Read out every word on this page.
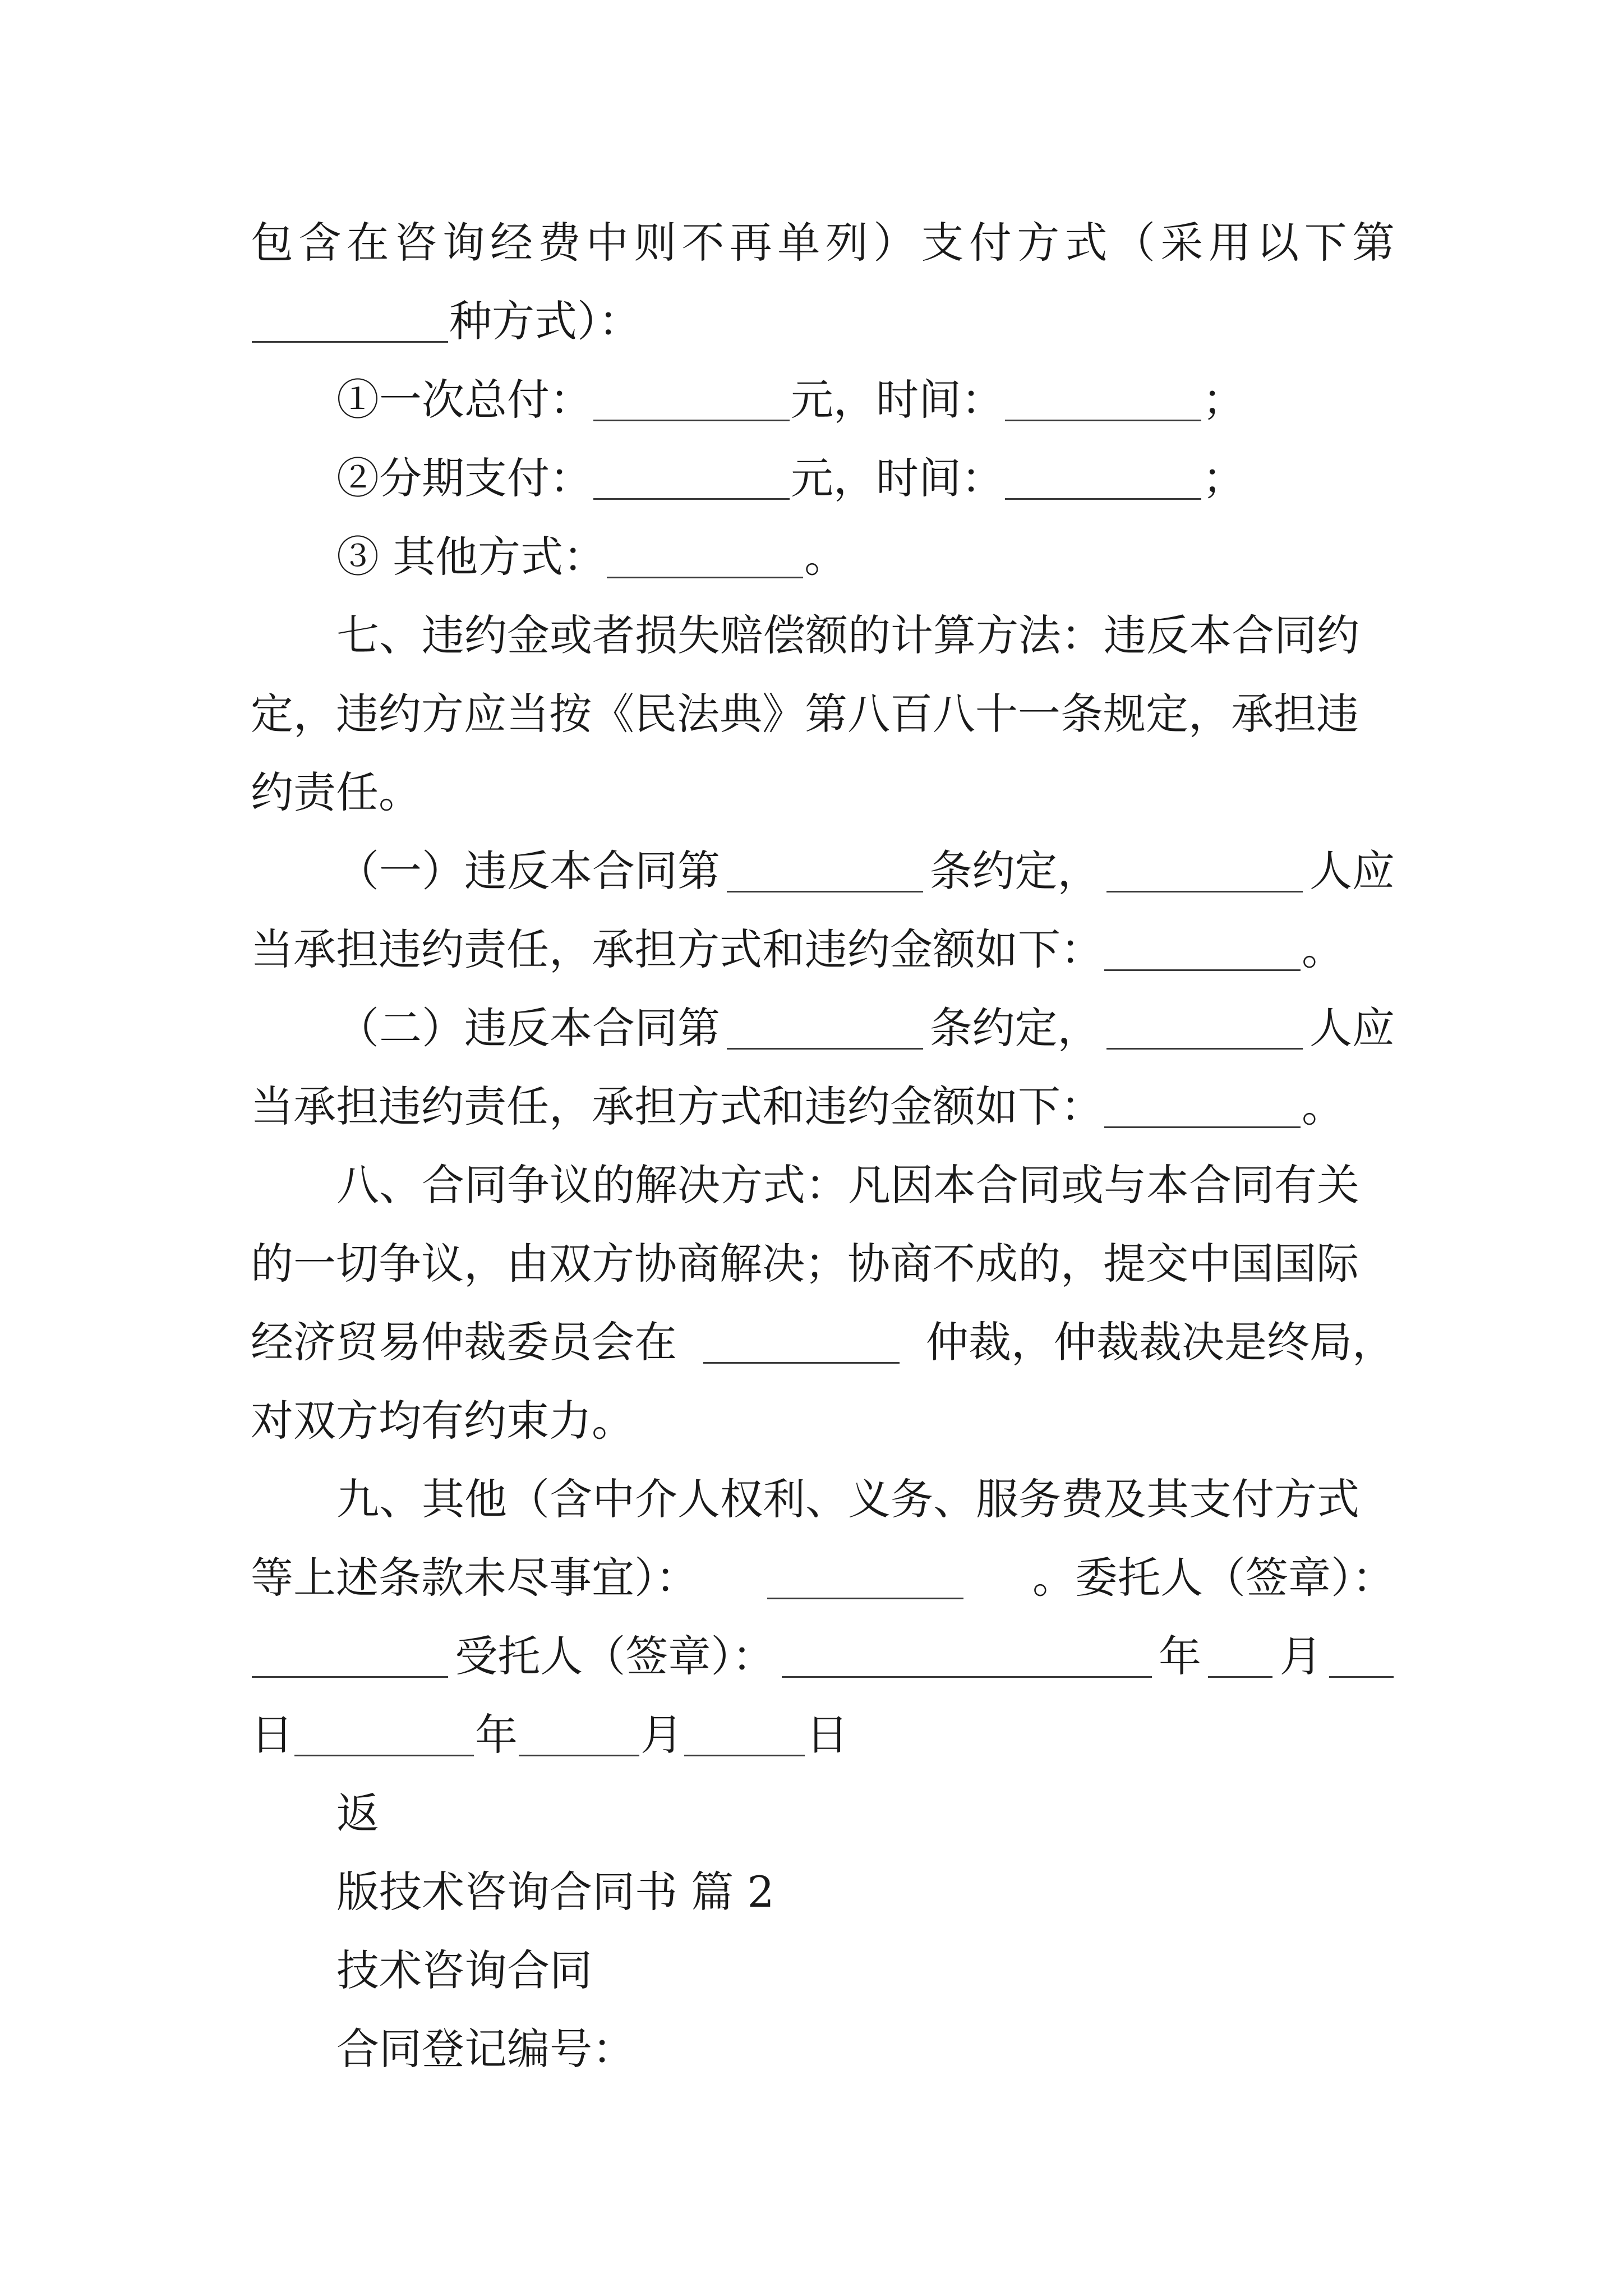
包 含 在 咨 询 经 费 中 则 不 再 单 列 ） 支 付 方 式 （ 采 用 以 下 第
种方式）：
①一次总付：	元，时间：	；
②分期支付：	元，时间：	；
③ 其他方式：	。
七、违约金或者损失赔偿额的计算方法：违反本合同约
定，违约方应当按《民法典》第八百八十一条规定，承担违
约责任。
（一）违反本合同第	条约定，	人应
当承担违约责任，承担方式和违约金额如下：	。
（二）违反本合同第	条约定，	人应
当承担违约责任，承担方式和违约金额如下：	。
八、合同争议的解决方式：凡因本合同或与本合同有关
的一切争议，由双方协商解决；协商不成的，提交中国国际
经济贸易仲裁委员会在	仲裁，仲裁裁决是终局，
对双方均有约束力。
九、其他（含中介人权利、义务、服务费及其支付方式
等上述条款未尽事宜）：	。委托人（签章）：
受托人（签章）：	年 月
日	年	月	日
返
版技术咨询合同书 篇 2
技术咨询合同
合同登记编号：
